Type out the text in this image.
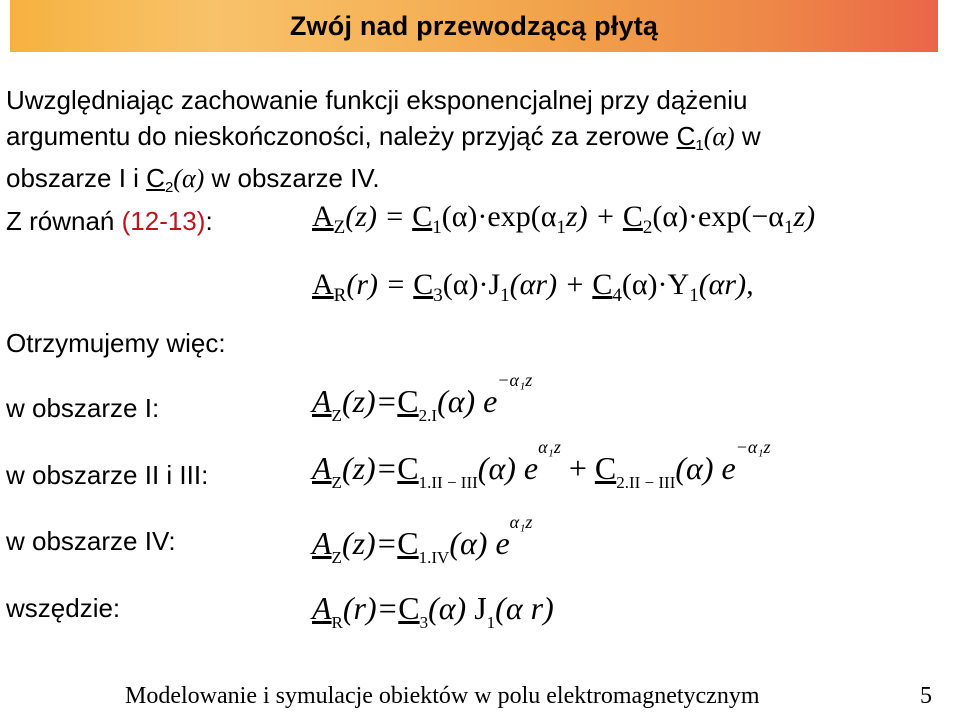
Zwój nad przewodzącą płytą
Uwzględniając zachowanie funkcji eksponencjalnej przy dążeniu
argumentu do nieskończoności, należy przyjąć za zerowe C1(α) w
obszarze I i C2(α) w obszarze IV.
Z równań (12-13):	$A_Z(z) = C_1(\alpha)\cdot\exp(\alpha_1z) + C_2(\alpha)\cdot\exp(-\alpha_1z)$
$A_R(r) = C_3(\alpha)\cdot J_1(\alpha r) + C_4(\alpha)\cdot Y_1(\alpha r)$,
Otrzymujemy więc:
w obszarze I:
w obszarze II i III:
w obszarze IV:
wszędzie:
$A_Z(z)=C_{2.I}(\alpha)$ $e^{-\alpha_1z}$
$A_Z(z)=C_{1.II - III}(\alpha) e^{\alpha_1z} + C_{2.II - III}(\alpha)$ $e^{-\alpha_1z}$
$A_Z(z)=C_{1.IV}(\alpha)$ $e^{\alpha_1z}$
$A_R(r)=C_3(\alpha)$ $J_1(\alpha$ r)
Modelowanie i symulacje obiektów w polu elektromagnetycznym	5
